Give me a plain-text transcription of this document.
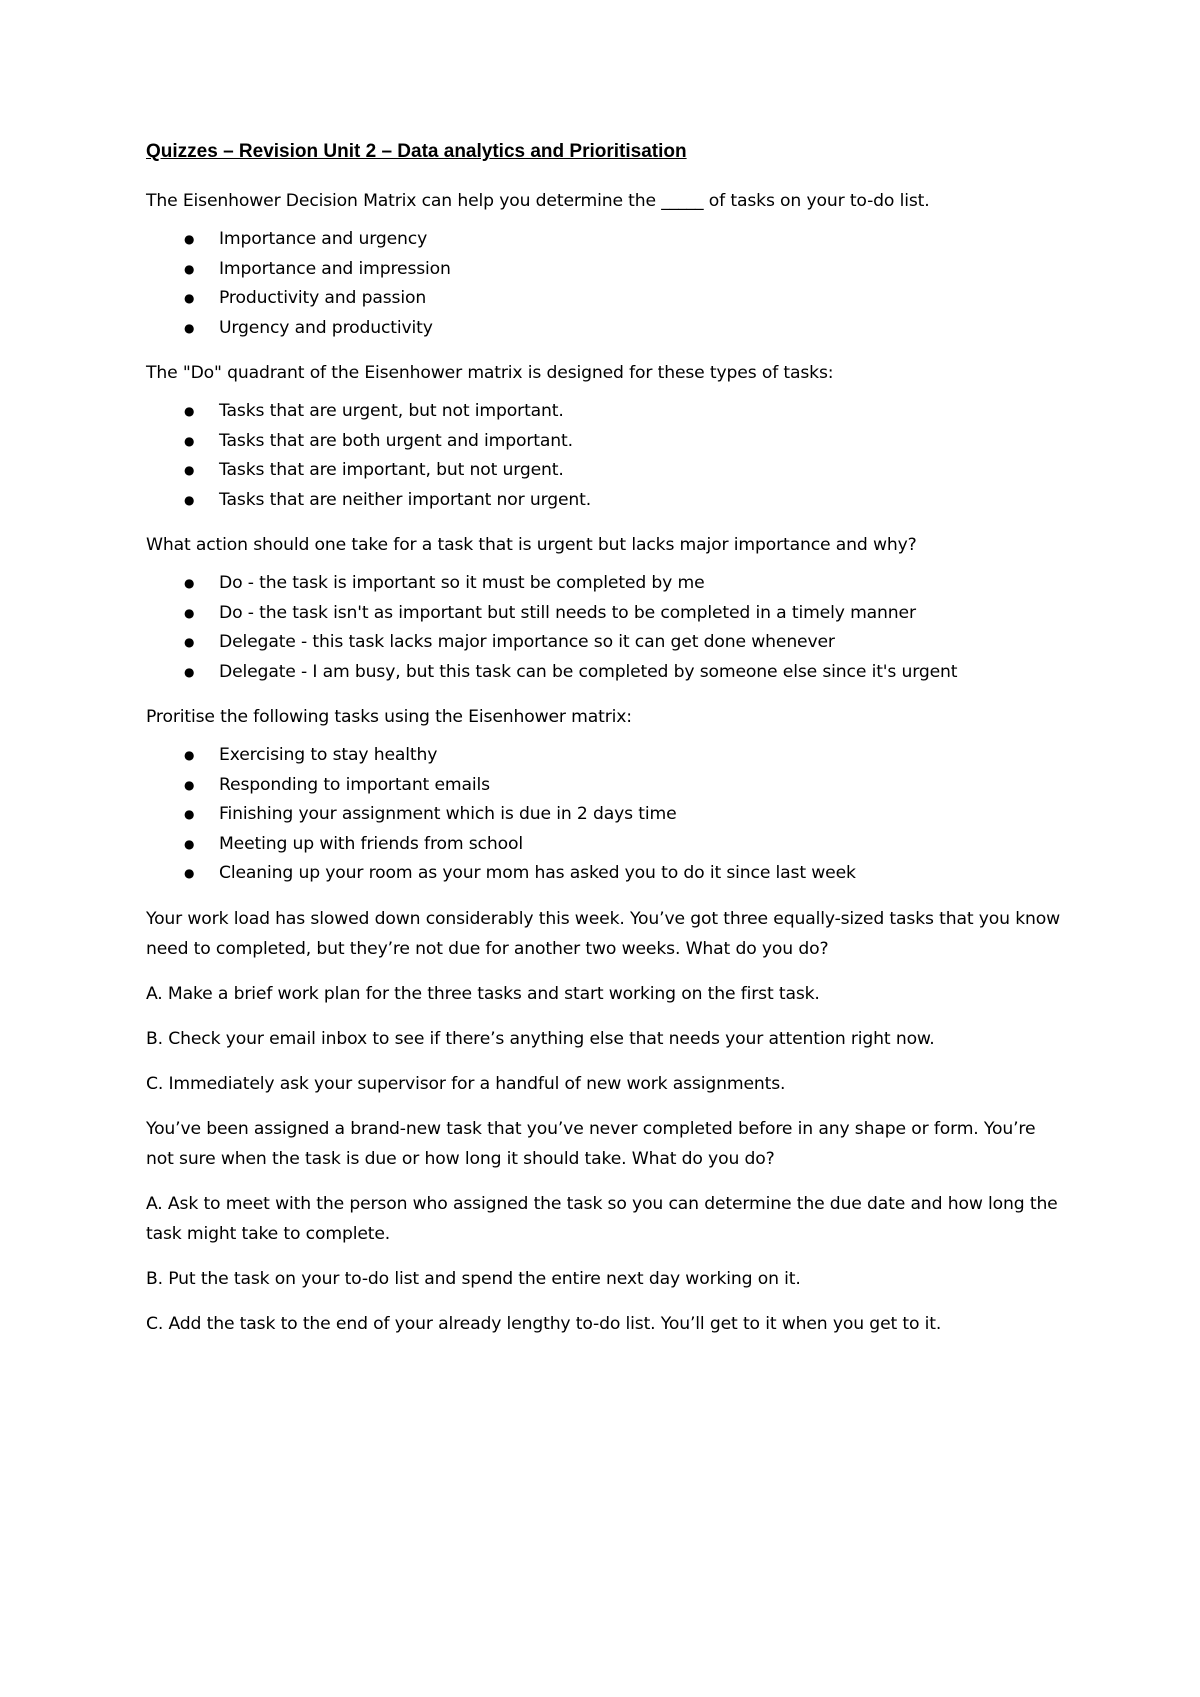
Quizzes – Revision Unit 2 – Data analytics and Prioritisation
The Eisenhower Decision Matrix can help you determine the _____ of tasks on your to-do list.
● Importance and urgency
● Importance and impression
● Productivity and passion
● Urgency and productivity
The "Do" quadrant of the Eisenhower matrix is designed for these types of tasks:
● Tasks that are urgent, but not important.
● Tasks that are both urgent and important.
● Tasks that are important, but not urgent.
● Tasks that are neither important nor urgent.
What action should one take for a task that is urgent but lacks major importance and why?
● Do - the task is important so it must be completed by me
● Do - the task isn't as important but still needs to be completed in a timely manner
● Delegate - this task lacks major importance so it can get done whenever
● Delegate - I am busy, but this task can be completed by someone else since it's urgent
Proritise the following tasks using the Eisenhower matrix:
● Exercising to stay healthy
● Responding to important emails
● Finishing your assignment which is due in 2 days time
● Meeting up with friends from school
● Cleaning up your room as your mom has asked you to do it since last week
Your work load has slowed down considerably this week. You’ve got three equally-sized tasks that you know need to completed, but they’re not due for another two weeks. What do you do?
A. Make a brief work plan for the three tasks and start working on the first task.
B. Check your email inbox to see if there’s anything else that needs your attention right now.
C. Immediately ask your supervisor for a handful of new work assignments.
You’ve been assigned a brand-new task that you’ve never completed before in any shape or form. You’re not sure when the task is due or how long it should take. What do you do?
A. Ask to meet with the person who assigned the task so you can determine the due date and how long the task might take to complete.
B. Put the task on your to-do list and spend the entire next day working on it.
C. Add the task to the end of your already lengthy to-do list. You’ll get to it when you get to it.
